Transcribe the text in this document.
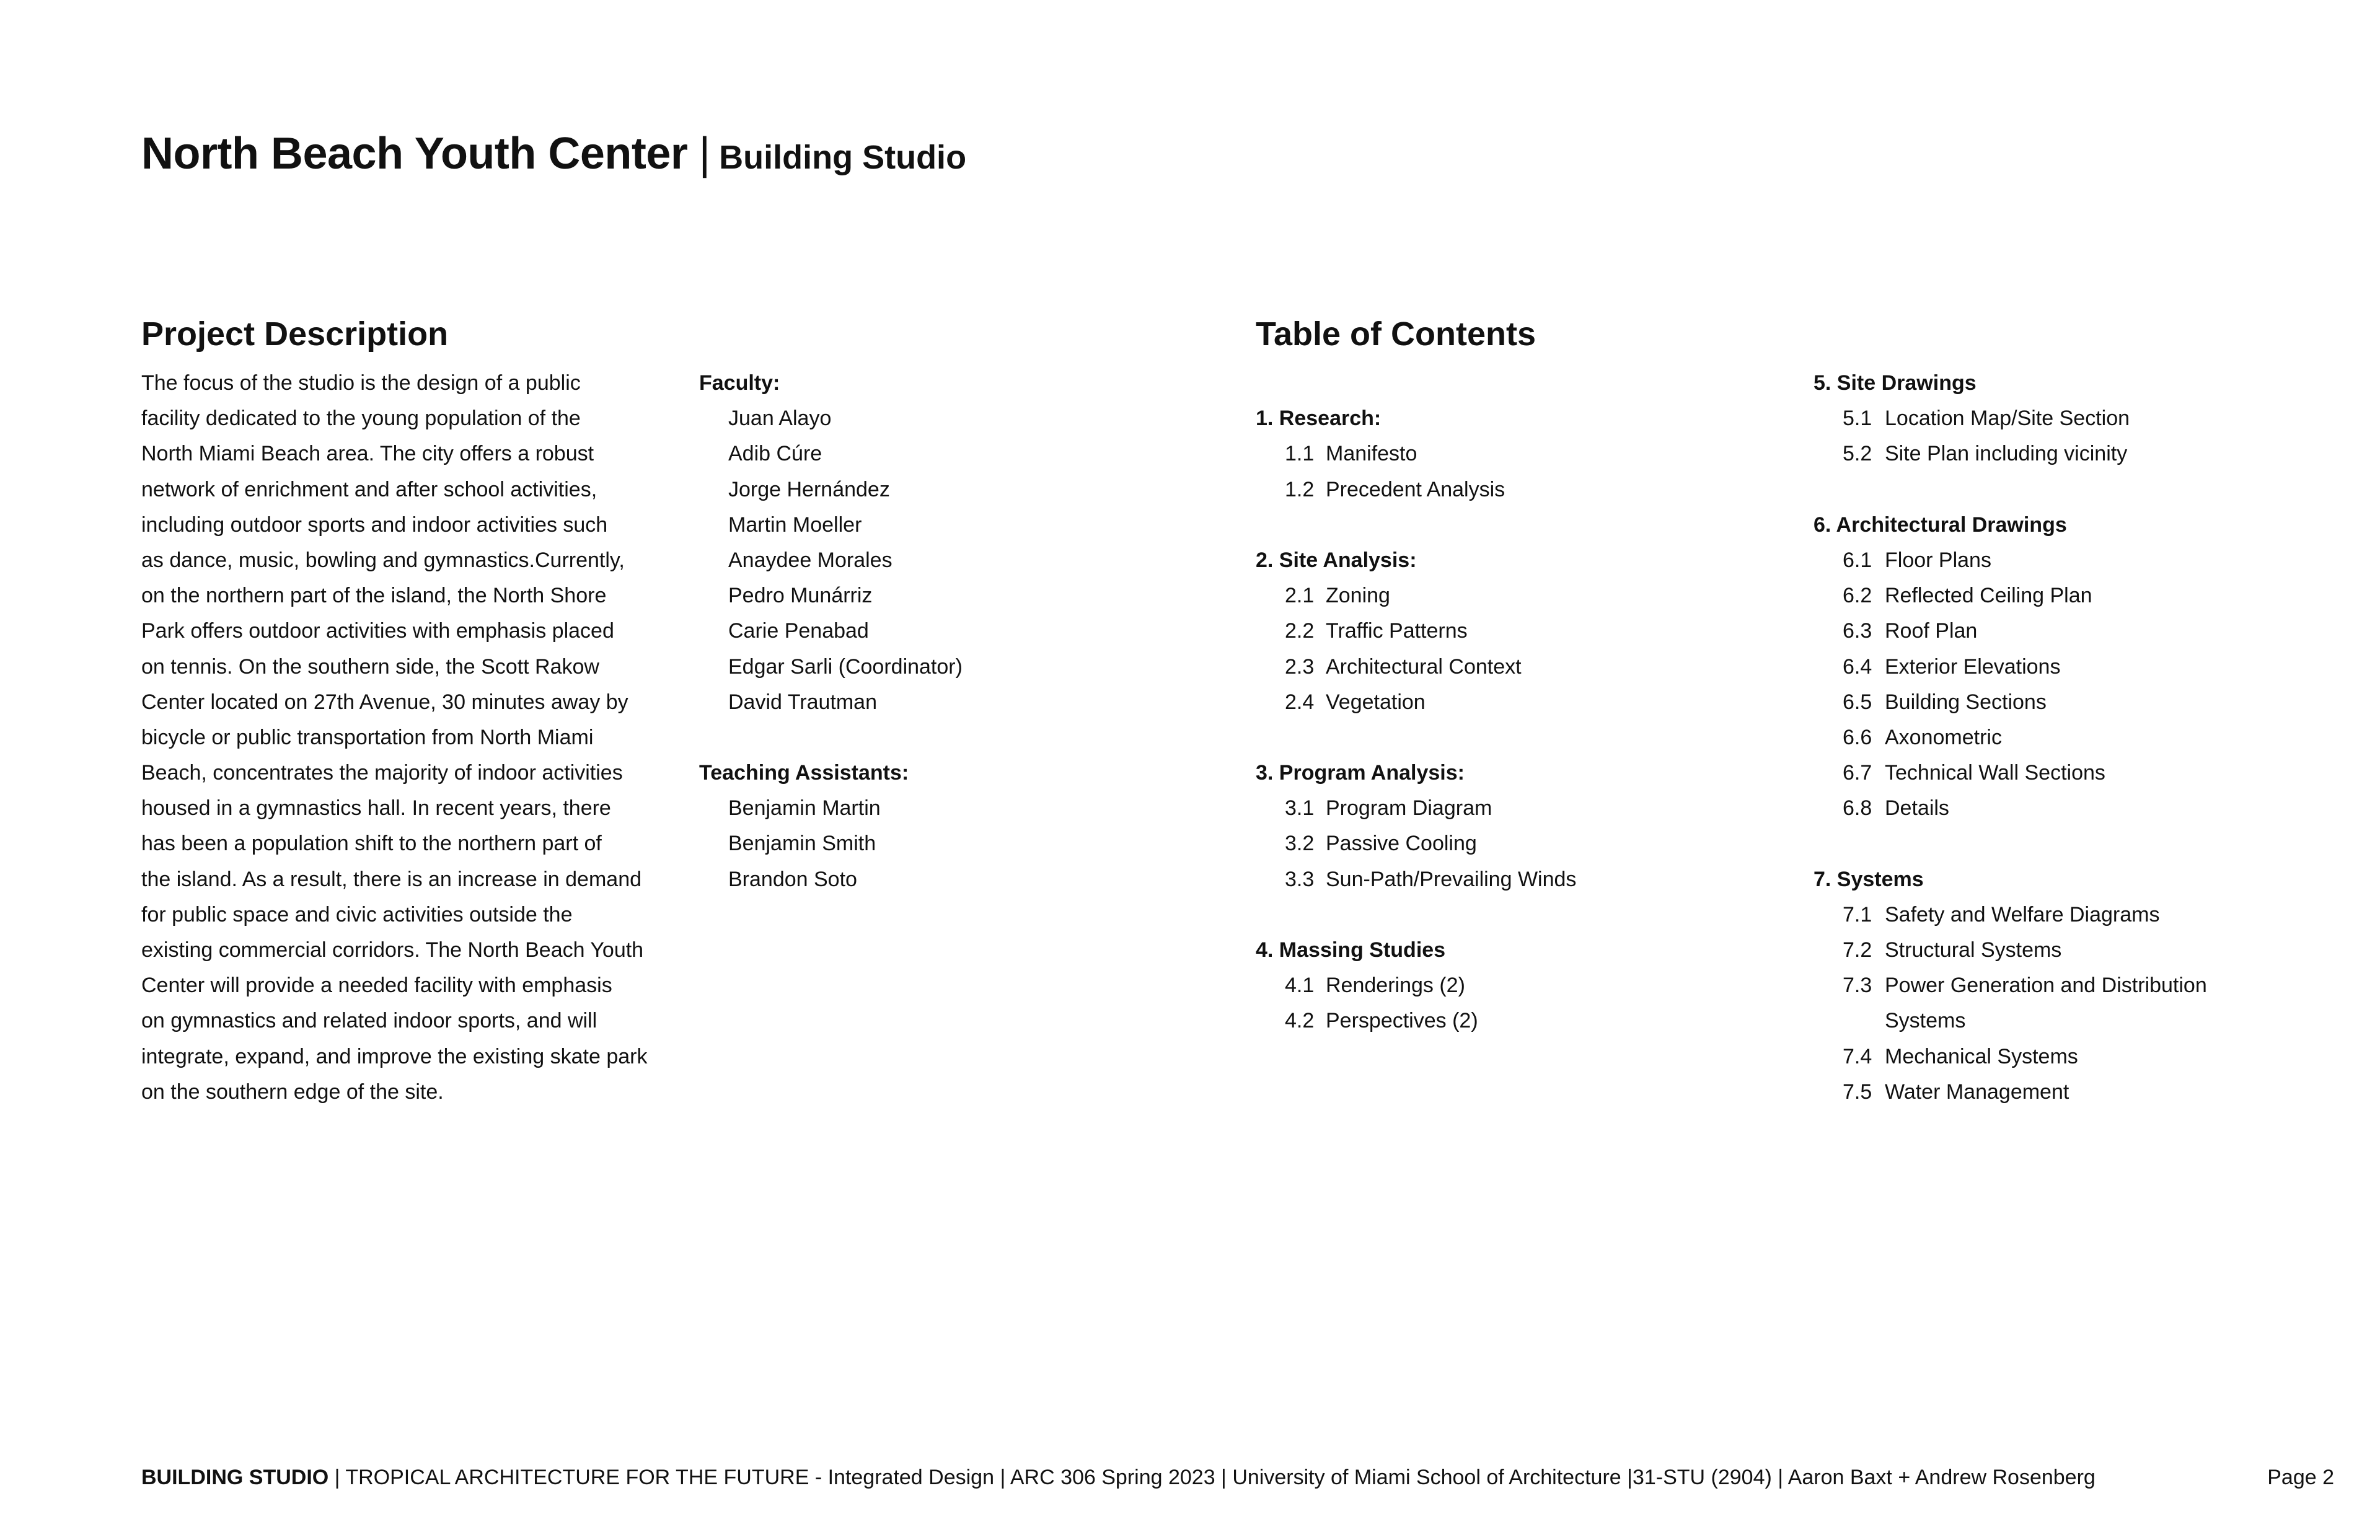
North Beach Youth Center | Building Studio
Project Description	Table of Contents
The focus of the studio is the design of a public
facility dedicated to the young population of the
North Miami Beach area. The city offers a robust
network of enrichment and after school activities,
including outdoor sports and indoor activities such
as dance, music, bowling and gymnastics.Currently,
on the northern part of the island, the North Shore
Park offers outdoor activities with emphasis placed
on tennis. On the southern side, the Scott Rakow
Center located on 27th Avenue, 30 minutes away by
bicycle or public transportation from North Miami
Beach, concentrates the majority of indoor activities
housed in a gymnastics hall. In recent years, there
has been a population shift to the northern part of
the island. As a result, there is an increase in demand
for public space and civic activities outside the
existing commercial corridors. The North Beach Youth
Center will provide a needed facility with emphasis
on gymnastics and related indoor sports, and will
integrate, expand, and improve the existing skate park
on the southern edge of the site.
Faculty:
Juan Alayo
Adib Cúre
Jorge Hernández
Martin Moeller
Anaydee Morales
Pedro Munárriz
Carie Penabad
Edgar Sarli (Coordinator)
David Trautman
Teaching Assistants:
Benjamin Martin
Benjamin Smith
Brandon Soto
1. Research:
1.1 Manifesto
1.2 Precedent Analysis
2. Site Analysis:
2.1 Zoning
2.2 Traffic Patterns
2.3 Architectural Context
2.4 Vegetation
3. Program Analysis:
3.1 Program Diagram
3.2 Passive Cooling
3.3 Sun-Path/Prevailing Winds
4. Massing Studies
4.1 Renderings (2)
4.2 Perspectives (2)
5. Site Drawings
5.1 Location Map/Site Section
5.2 Site Plan including vicinity
6. Architectural Drawings
6.1 Floor Plans
6.2 Reflected Ceiling Plan
6.3 Roof Plan
6.4 Exterior Elevations
6.5 Building Sections
6.6 Axonometric
6.7 Technical Wall Sections
6.8 Details
7. Systems
7.1 Safety and Welfare Diagrams
7.2 Structural Systems
7.3 Power Generation and Distribution
Systems
7.4 Mechanical Systems
7.5 Water Management
BUILDING STUDIO | TROPICAL ARCHITECTURE FOR THE FUTURE - Integrated Design | ARC 306 Spring 2023 | University of Miami School of Architecture |31-STU (2904) | Aaron Baxt + Andrew Rosenberg	Page 2
